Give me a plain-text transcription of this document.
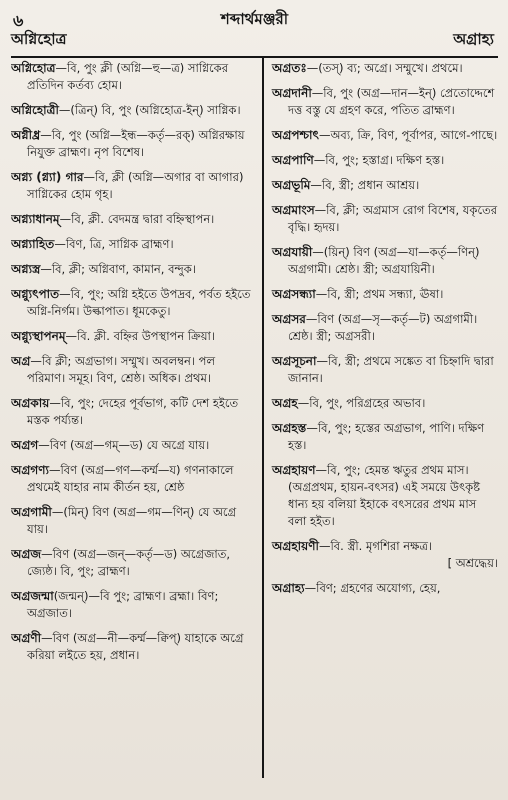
৬	শব্দার্থমঞ্জরী
অগ্নিহোত্র	অগ্রাহ্য
অগ্নিহোত্র—বি, পুং ক্লী (অগ্নি—হু—ত্র) সাগ্নিকের প্রতিদিন কর্তব্য হোম।
অগ্নিহোত্রী—(ত্রিন্) বি, পুং (অগ্নিহোত্র-ইন্) সাগ্নিক।
অগ্নীধ্র—বি, পুং (অগ্নি—ইন্ধ—কর্তৃ—রক্) অগ্নিরক্ষায় নিযুক্ত ব্রাহ্মণ। নৃপ বিশেষ।
অগ্ন্য (গ্ন্যা) গার—বি, ক্লী (অগ্নি—অগার বা আগার) সাগ্নিকের হোম গৃহ।
অগ্ন্যাধানম্—বি, ক্লী. বেদমন্ত্র দ্বারা বহ্নিস্থাপন।
অগ্ন্যাহিত—বিণ, ত্রি, সাগ্নিক ব্রাহ্মণ।
অগ্ন্যস্ত্র—বি, ক্লী; অগ্নিবাণ, কামান, বন্দুক।
অগ্ন্যুৎপাত—বি, পুং; অগ্নি হইতে উপদ্রব, পর্বত হইতে অগ্নি-নির্গম। উল্কাপাত। ধূমকেতু।
অগ্ন্যুস্থাপনম্—বি. ক্লী. বহ্নির উপস্থাপন ক্রিয়া।
অগ্র—বি ক্লী; অগ্রভাগ। সম্মুখ। অবলম্বন। পল পরিমাণ। সমূহ। বিণ, শ্রেষ্ঠ। অধিক। প্রথম।
অগ্রকায়—বি, পুং; দেহের পূর্বভাগ, কটি দেশ হইতে মস্তক পর্য্যন্ত।
অগ্রগ—বিণ (অগ্র—গম্—ড) যে অগ্রে যায়।
অগ্রগণ্য—বিণ (অগ্র—গণ—কর্ম্ম—য) গণনাকালে প্রথমেই যাহার নাম কীর্তন হয়, শ্রেষ্ঠ
অগ্রগামী—(মিন্) বিণ (অগ্র—গম—ণিন্) যে অগ্রে যায়।
অগ্রজ—বিণ (অগ্র—জন্—কর্তৃ—ড) অগ্রেজাত, জ্যেষ্ঠ। বি, পুং; ব্রাহ্মণ।
অগ্রজন্মা(জন্মন্)—বি পুং; ব্রাহ্মণ। ব্রহ্মা। বিণ; অগ্রজাত।
অগ্রণী—বিণ (অগ্র—নী—কর্ম্ম—ক্বিপ্) যাহাকে অগ্রে করিয়া লইতে হয়, প্রধান।
অগ্রতঃ—(তস্) ব্য; অগ্রে। সম্মুখে। প্রথমে।
অগ্রদানী—বি, পুং (অগ্র—দান—ইন্) প্রেতোদ্দেশে দত্ত বস্তু যে গ্রহণ করে, পতিত ব্রাহ্মণ।
অগ্রপশ্চাৎ—অব্য, ক্রি, বিণ, পূর্বাপর, আগে-পাছে।
অগ্রপাণি—বি, পুং; হস্তাগ্র। দক্ষিণ হস্ত।
অগ্রভূমি—বি, স্ত্রী; প্রধান আশ্রয়।
অগ্রমাংস—বি, ক্লী; অগ্রমাস রোগ বিশেষ, যকৃতের বৃদ্ধি। হৃদয়।
অগ্রযায়ী—(য়িন্) বিণ (অগ্র—যা—কর্তৃ—ণিন্) অগ্রগামী। শ্রেষ্ঠ। স্ত্রী; অগ্রযায়িনী।
অগ্রসন্ধ্যা—বি, স্ত্রী; প্রথম সন্ধ্যা, ঊষা।
অগ্রসর—বিণ (অগ্র—সৃ—কর্তৃ—ট) অগ্রগামী। শ্রেষ্ঠ। স্ত্রী; অগ্রসরী।
অগ্রসূচনা—বি, স্ত্রী; প্রথমে সঙ্কেত বা চিহ্নাদি দ্বারা জানান।
অগ্রহ—বি, পুং, পরিগ্রহের অভাব।
অগ্রহস্ত—বি, পুং; হস্তের অগ্রভাগ, পাণি। দক্ষিণ হস্ত।
অগ্রহায়ণ—বি, পুং; হেমন্ত ঋতুর প্রথম মাস। (অগ্রপ্রথম, হায়ন-বৎসর) এই সময়ে উৎকৃষ্ট ধান্য হয় বলিয়া ইহাকে বৎসরের প্রথম মাস বলা হইত।
অগ্রহায়ণী—বি. স্ত্রী. মৃগশিরা নক্ষত্র।
[ অশ্রদ্ধেয়।
অগ্রাহ্য—বিণ; গ্রহণের অযোগ্য, হেয়,
